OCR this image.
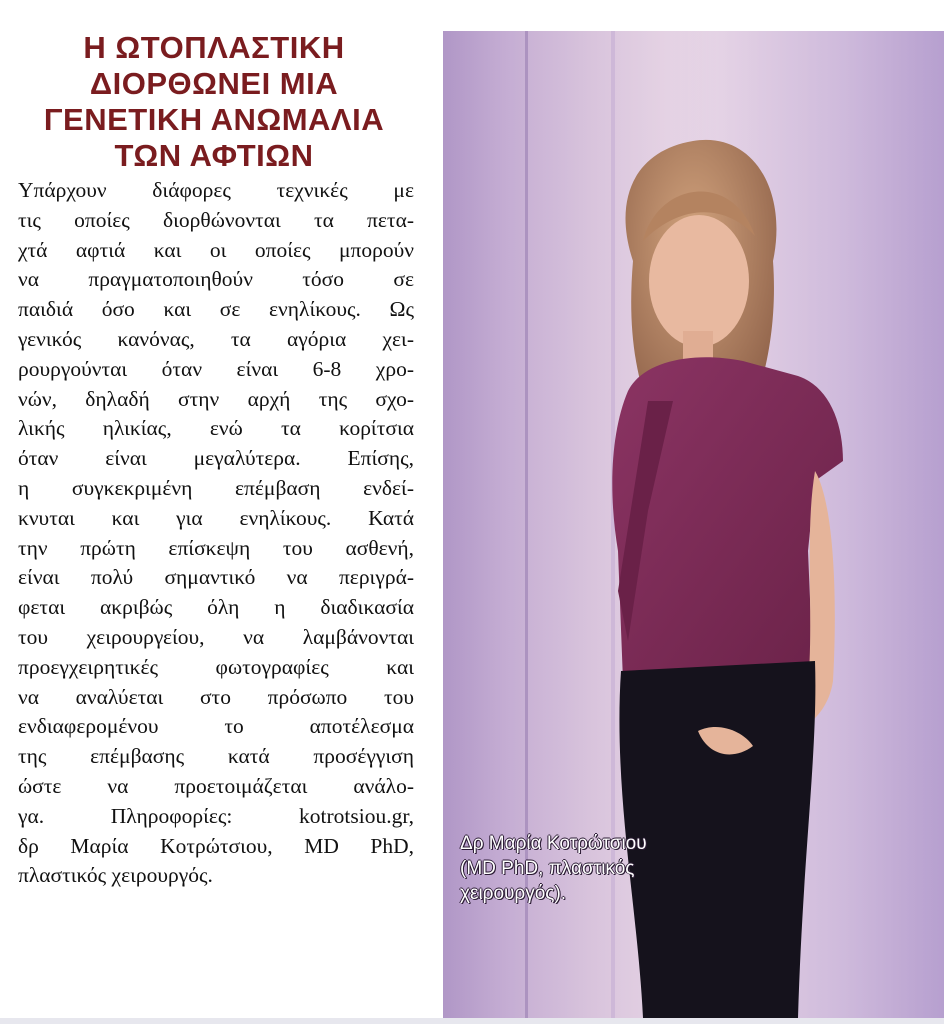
Η ΩΤΟΠΛΑΣΤΙΚΗ
ΔΙΟΡΘΩΝΕΙ ΜΙΑ
ΓΕΝΕΤΙΚΗ ΑΝΩΜΑΛΙΑ
ΤΩΝ ΑΦΤΙΩΝ
Υπάρχουν διάφορες τεχνικές με
τις οποίες διορθώνονται τα πετα-
χτά αφτιά και οι οποίες μπορούν
να πραγματοποιηθούν τόσο σε
παιδιά όσο και σε ενηλίκους. Ως
γενικός κανόνας, τα αγόρια χει-
ρουργούνται όταν είναι 6-8 χρο-
νών, δηλαδή στην αρχή της σχο-
λικής ηλικίας, ενώ τα κορίτσια
όταν είναι μεγαλύτερα. Επίσης,
η συγκεκριμένη επέμβαση ενδεί-
κνυται και για ενηλίκους. Κατά
την πρώτη επίσκεψη του ασθενή,
είναι πολύ σημαντικό να περιγρά-
φεται ακριβώς όλη η διαδικασία
του χειρουργείου, να λαμβάνονται
προεγχειρητικές φωτογραφίες και
να αναλύεται στο πρόσωπο του
ενδιαφερομένου το αποτέλεσμα
της επέμβασης κατά προσέγγιση
ώστε να προετοιμάζεται ανάλο-
γα. Πληροφορίες: kotrotsiou.gr,
δρ Μαρία Κοτρώτσιου, MD PhD,
πλαστικός χειρουργός.
Δρ Μαρία Κοτρώτσιου
(MD PhD, πλαστικός
χειρουργός).
